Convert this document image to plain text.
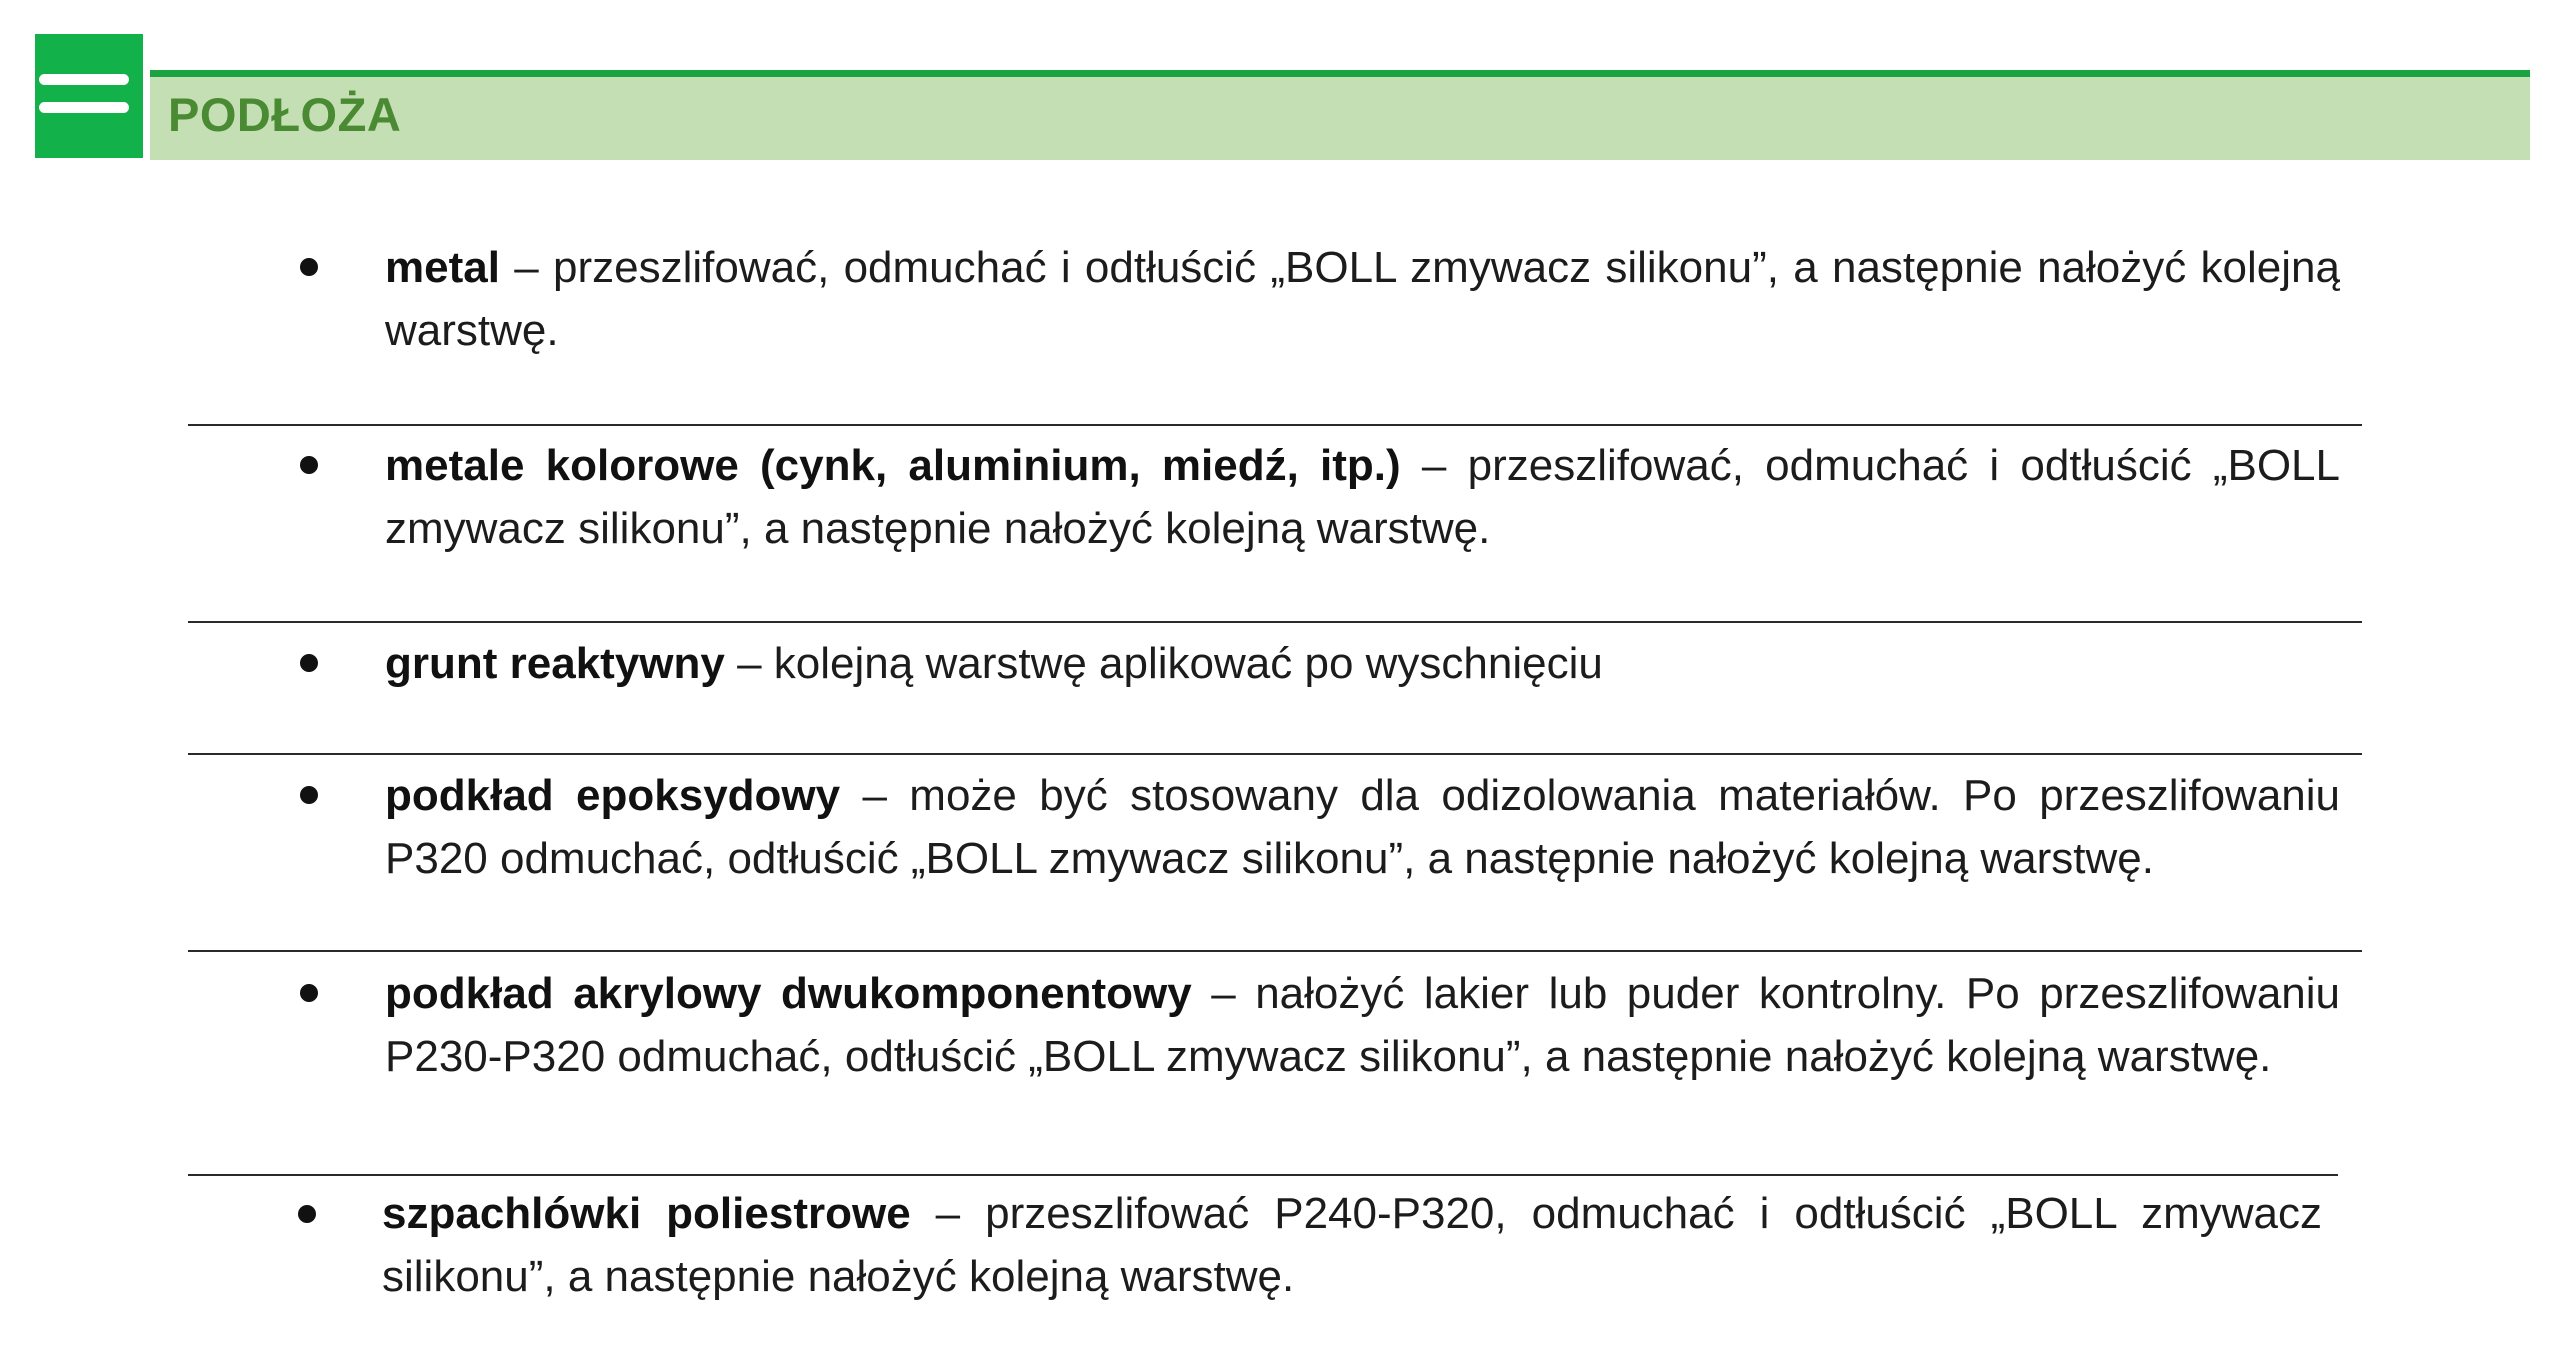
PODŁOŻA
metal – przeszlifować, odmuchać i odtłuścić „BOLL zmywacz silikonu”, a następnie nałożyć kolejną warstwę.
metale kolorowe (cynk, aluminium, miedź, itp.) – przeszlifować, odmuchać i odtłuścić „BOLL zmywacz silikonu”, a następnie nałożyć kolejną warstwę.
grunt reaktywny – kolejną warstwę aplikować po wyschnięciu
podkład epoksydowy – może być stosowany dla odizolowania materiałów. Po przeszlifowaniu P320 odmuchać, odtłuścić „BOLL zmywacz silikonu”, a następnie nałożyć kolejną warstwę.
podkład akrylowy dwukomponentowy – nałożyć lakier lub puder kontrolny. Po przeszlifowaniu P230-P320 odmuchać, odtłuścić „BOLL zmywacz silikonu”, a następnie nałożyć kolejną warstwę.
szpachlówki poliestrowe – przeszlifować P240-P320, odmuchać i odtłuścić „BOLL zmywacz silikonu”, a następnie nałożyć kolejną warstwę.
